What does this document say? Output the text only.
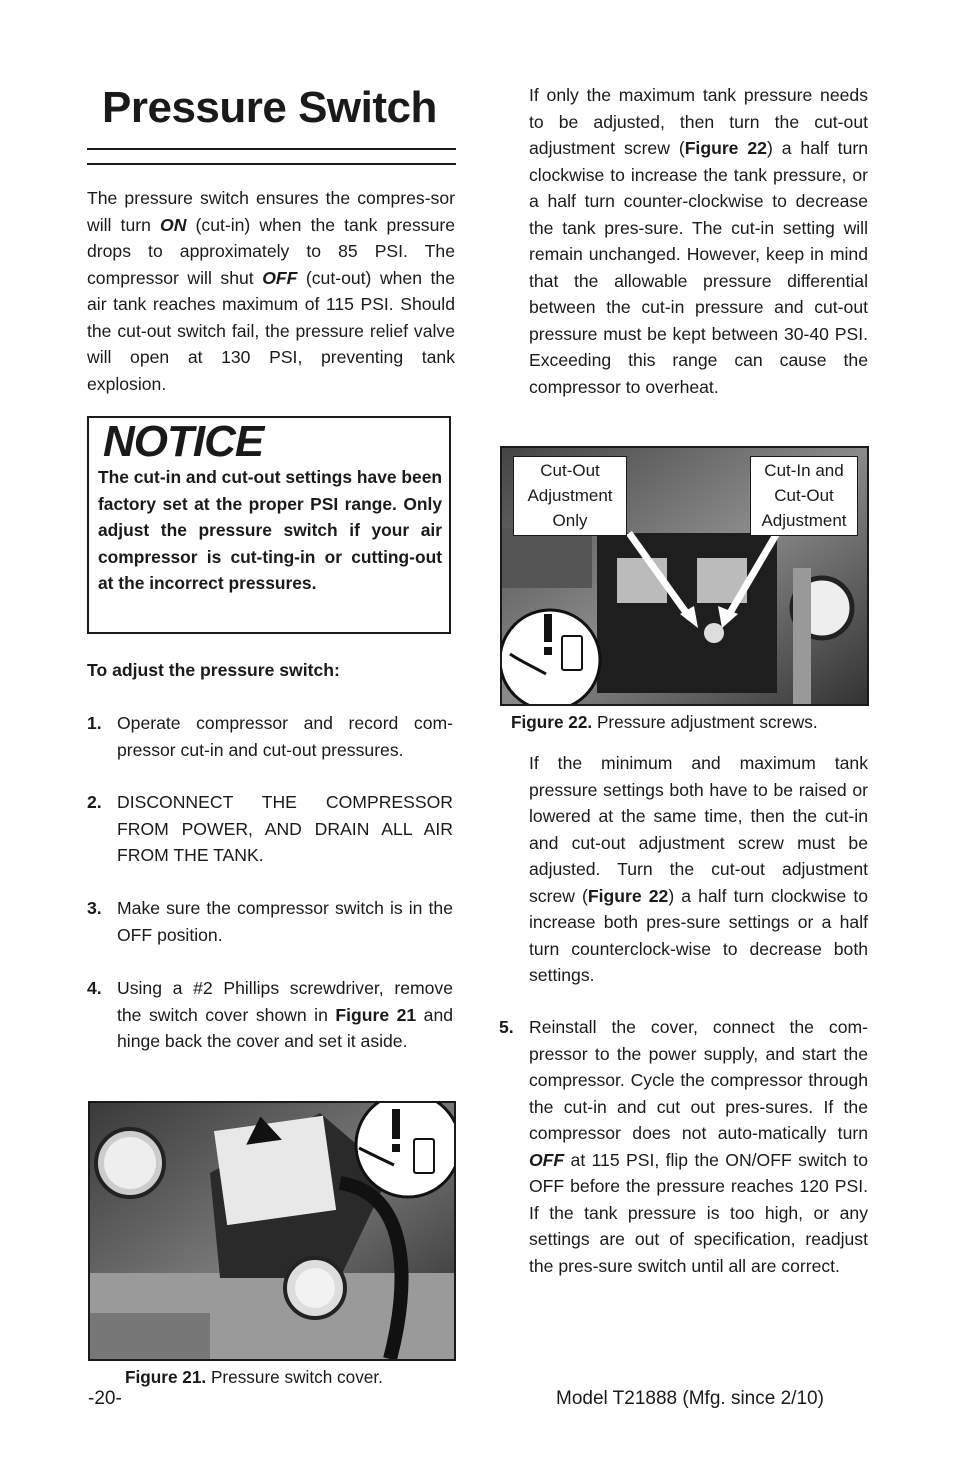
Pressure Switch

The pressure switch ensures the compres-sor will turn ON (cut-in) when the tank pressure drops to approximately to 85 PSI. The compressor will shut OFF (cut-out) when the air tank reaches maximum of 115 PSI. Should the cut-out switch fail, the pressure relief valve will open at 130 PSI, preventing tank explosion.

NOTICE

The cut-in and cut-out settings have been factory set at the proper PSI range. Only adjust the pressure switch if your air compressor is cut-ting-in or cutting-out at the incorrect pressures.

To adjust the pressure switch:

1. Operate compressor and record com-pressor cut-in and cut-out pressures.
2. DISCONNECT THE COMPRESSOR FROM POWER, AND DRAIN ALL AIR FROM THE TANK.
3. Make sure the compressor switch is in the OFF position.
4. Using a #2 Phillips screwdriver, remove the switch cover shown in Figure 21 and hinge back the cover and set it aside.
Figure 21. Pressure switch cover.

If only the maximum tank pressure needs to be adjusted, then turn the cut-out adjustment screw (Figure 22) a half turn clockwise to increase the tank pressure, or a half turn counter-clockwise to decrease the tank pres-sure. The cut-in setting will remain unchanged. However, keep in mind that the allowable pressure differential between the cut-in pressure and cut-out pressure must be kept between 30-40 PSI. Exceeding this range can cause the compressor to overheat.

Cut-Out
Adjustment
Only
Cut-In and
Cut-Out
Adjustment
Figure 22. Pressure adjustment screws.

If the minimum and maximum tank pressure settings both have to be raised or lowered at the same time, then the cut-in and cut-out adjustment screw must be adjusted. Turn the cut-out adjustment screw (Figure 22) a half turn clockwise to increase both pres-sure settings or a half turn counterclock-wise to decrease both settings.

5. Reinstall the cover, connect the com-pressor to the power supply, and start the compressor. Cycle the compressor through the cut-in and cut out pres-sures. If the compressor does not auto-matically turn OFF at 115 PSI, flip the ON/OFF switch to OFF before the pressure reaches 120 PSI. If the tank pressure is too high, or any settings are out of specification, readjust the pres-sure switch until all are correct.
-20-	Model T21888 (Mfg. since 2/10)
